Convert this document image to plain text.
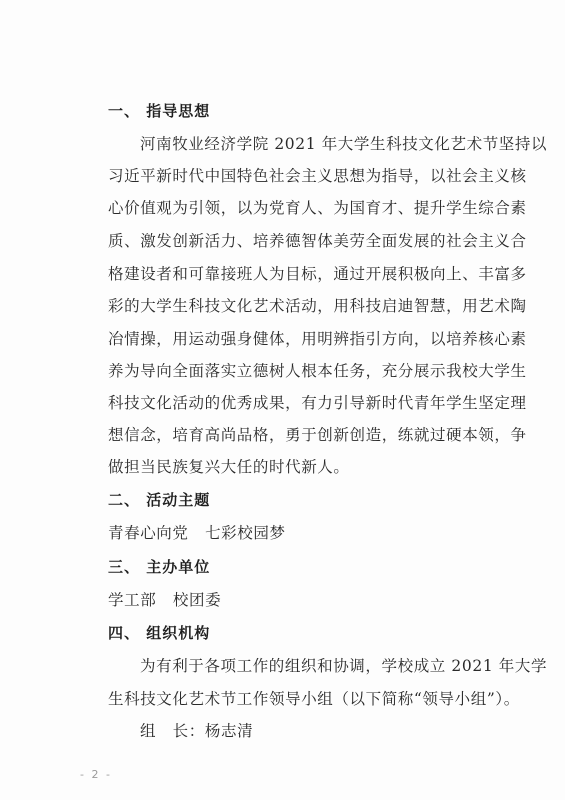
一、 指导思想
河南牧业经济学院 2021 年大学生科技文化艺术节坚持以
习近平新时代中国特色社会主义思想为指导，以社会主义核
心价值观为引领，以为党育人、为国育才、提升学生综合素
质、激发创新活力、培养德智体美劳全面发展的社会主义合
格建设者和可靠接班人为目标，通过开展积极向上、丰富多
彩的大学生科技文化艺术活动，用科技启迪智慧，用艺术陶
冶情操，用运动强身健体，用明辨指引方向，以培养核心素
养为导向全面落实立德树人根本任务，充分展示我校大学生
科技文化活动的优秀成果，有力引导新时代青年学生坚定理
想信念，培育高尚品格，勇于创新创造，练就过硬本领，争
做担当民族复兴大任的时代新人。
二、 活动主题
青春心向党   七彩校园梦
三、 主办单位
学工部   校团委
四、 组织机构
为有利于各项工作的组织和协调，学校成立 2021 年大学
生科技文化艺术节工作领导小组（以下简称“领导小组”）。
组   长：杨志清
- 2 -
